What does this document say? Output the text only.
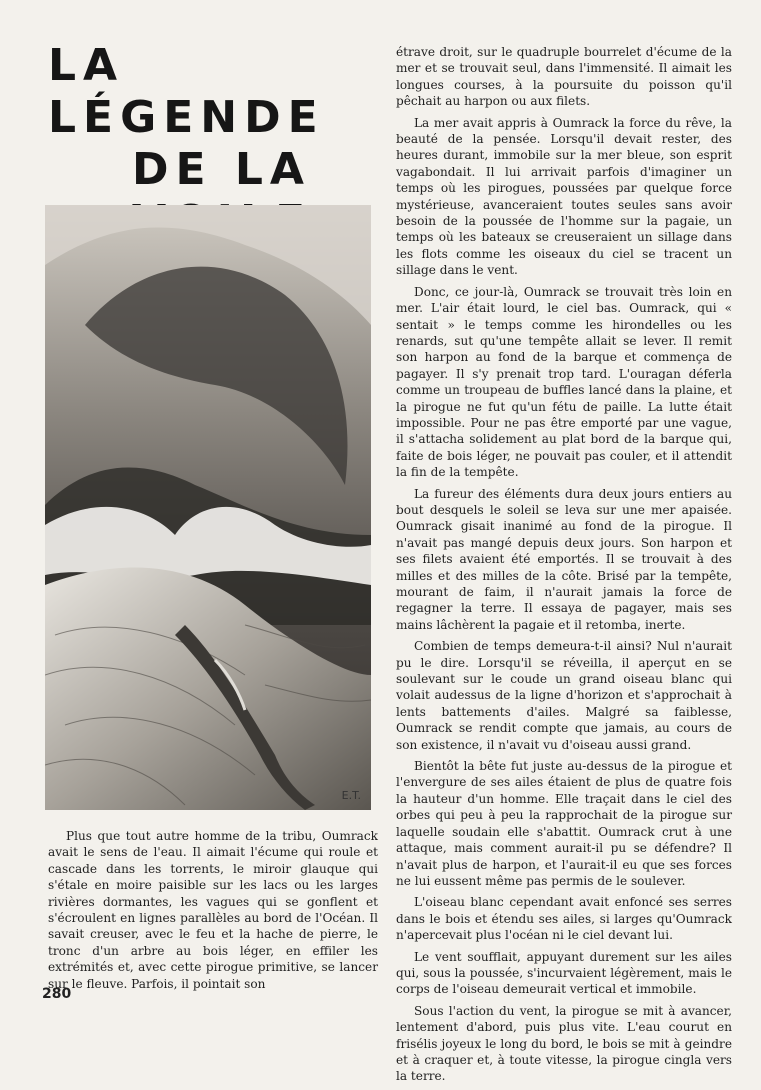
LA LÉGENDE
DE LA
E.T.

Plus que tout autre homme de la tribu, Oumrack avait le sens de l'eau. Il aimait l'écume qui roule et cascade dans les torrents, le miroir glauque qui s'étale en moire paisible sur les lacs ou les larges rivières dormantes, les vagues qui se gonflent et s'écroulent en lignes parallèles au bord de l'Océan. Il savait creuser, avec le feu et la hache de pierre, le tronc d'un arbre au bois léger, en effiler les extrémités et, avec cette pirogue primitive, se lancer sur le fleuve. Parfois, il pointait son

étrave droit, sur le quadruple bourrelet d'écume de la mer et se trouvait seul, dans l'immensité. Il aimait les longues courses, à la poursuite du poisson qu'il pêchait au harpon ou aux filets.

La mer avait appris à Oumrack la force du rêve, la beauté de la pensée. Lorsqu'il devait rester, des heures durant, immobile sur la mer bleue, son esprit vagabondait. Il lui arrivait parfois d'imaginer un temps où les pirogues, poussées par quelque force mystérieuse, avanceraient toutes seules sans avoir besoin de la poussée de l'homme sur la pagaie, un temps où les bateaux se creuseraient un sillage dans les flots comme les oiseaux du ciel se tracent un sillage dans le vent.

Donc, ce jour-là, Oumrack se trouvait très loin en mer. L'air était lourd, le ciel bas. Oumrack, qui « sentait » le temps comme les hirondelles ou les renards, sut qu'une tempête allait se lever. Il remit son harpon au fond de la barque et commença de pagayer. Il s'y prenait trop tard. L'ouragan déferla comme un troupeau de buffles lancé dans la plaine, et la pirogue ne fut qu'un fétu de paille. La lutte était impossible. Pour ne pas être emporté par une vague, il s'attacha solidement au plat bord de la barque qui, faite de bois léger, ne pouvait pas couler, et il attendit la fin de la tempête.

La fureur des éléments dura deux jours entiers au bout desquels le soleil se leva sur une mer apaisée. Oumrack gisait inanimé au fond de la pirogue. Il n'avait pas mangé depuis deux jours. Son harpon et ses filets avaient été emportés. Il se trouvait à des milles et des milles de la côte. Brisé par la tempête, mourant de faim, il n'aurait jamais la force de regagner la terre. Il essaya de pagayer, mais ses mains lâchèrent la pagaie et il retomba, inerte.

Combien de temps demeura-t-il ainsi? Nul n'aurait pu le dire. Lorsqu'il se réveilla, il aperçut en se soulevant sur le coude un grand oiseau blanc qui volait audessus de la ligne d'horizon et s'approchait à lents battements d'ailes. Malgré sa faiblesse, Oumrack se rendit compte que jamais, au cours de son existence, il n'avait vu d'oiseau aussi grand.

Bientôt la bête fut juste au-dessus de la pirogue et l'envergure de ses ailes étaient de plus de quatre fois la hauteur d'un homme. Elle traçait dans le ciel des orbes qui peu à peu la rapprochait de la pirogue sur laquelle soudain elle s'abattit. Oumrack crut à une attaque, mais comment aurait-il pu se défendre? Il n'avait plus de harpon, et l'aurait-il eu que ses forces ne lui eussent même pas permis de le soulever.

L'oiseau blanc cependant avait enfoncé ses serres dans le bois et étendu ses ailes, si larges qu'Oumrack n'apercevait plus l'océan ni le ciel devant lui.

Le vent soufflait, appuyant durement sur les ailes qui, sous la poussée, s'incurvaient légèrement, mais le corps de l'oiseau demeurait vertical et immobile.

Sous l'action du vent, la pirogue se mit à avancer, lentement d'abord, puis plus vite. L'eau courut en frisélis joyeux le long du bord, le bois se mit à geindre et à craquer et, à toute vitesse, la pirogue cingla vers la terre.

280
